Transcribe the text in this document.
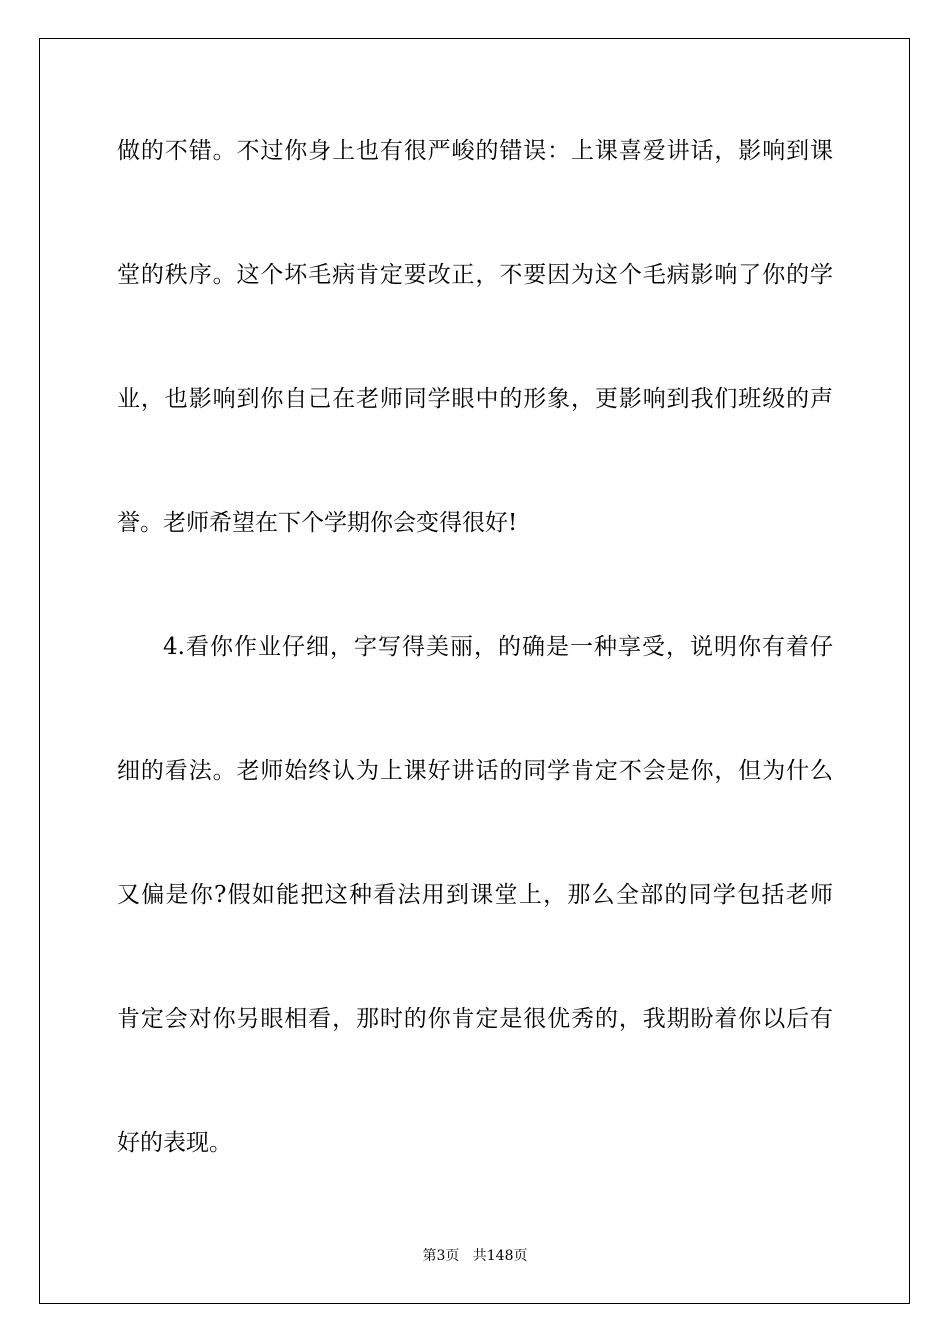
做的不错。不过你身上也有很严峻的错误：上课喜爱讲话，影响到课
堂的秩序。这个坏毛病肯定要改正，不要因为这个毛病影响了你的学
业，也影响到你自己在老师同学眼中的形象，更影响到我们班级的声
誉。老师希望在下个学期你会变得很好!
4.看你作业仔细，字写得美丽，的确是一种享受，说明你有着仔
细的看法。老师始终认为上课好讲话的同学肯定不会是你，但为什么
又偏是你?假如能把这种看法用到课堂上，那么全部的同学包括老师
肯定会对你另眼相看，那时的你肯定是很优秀的，我期盼着你以后有
好的表现。
第3页 共148页
